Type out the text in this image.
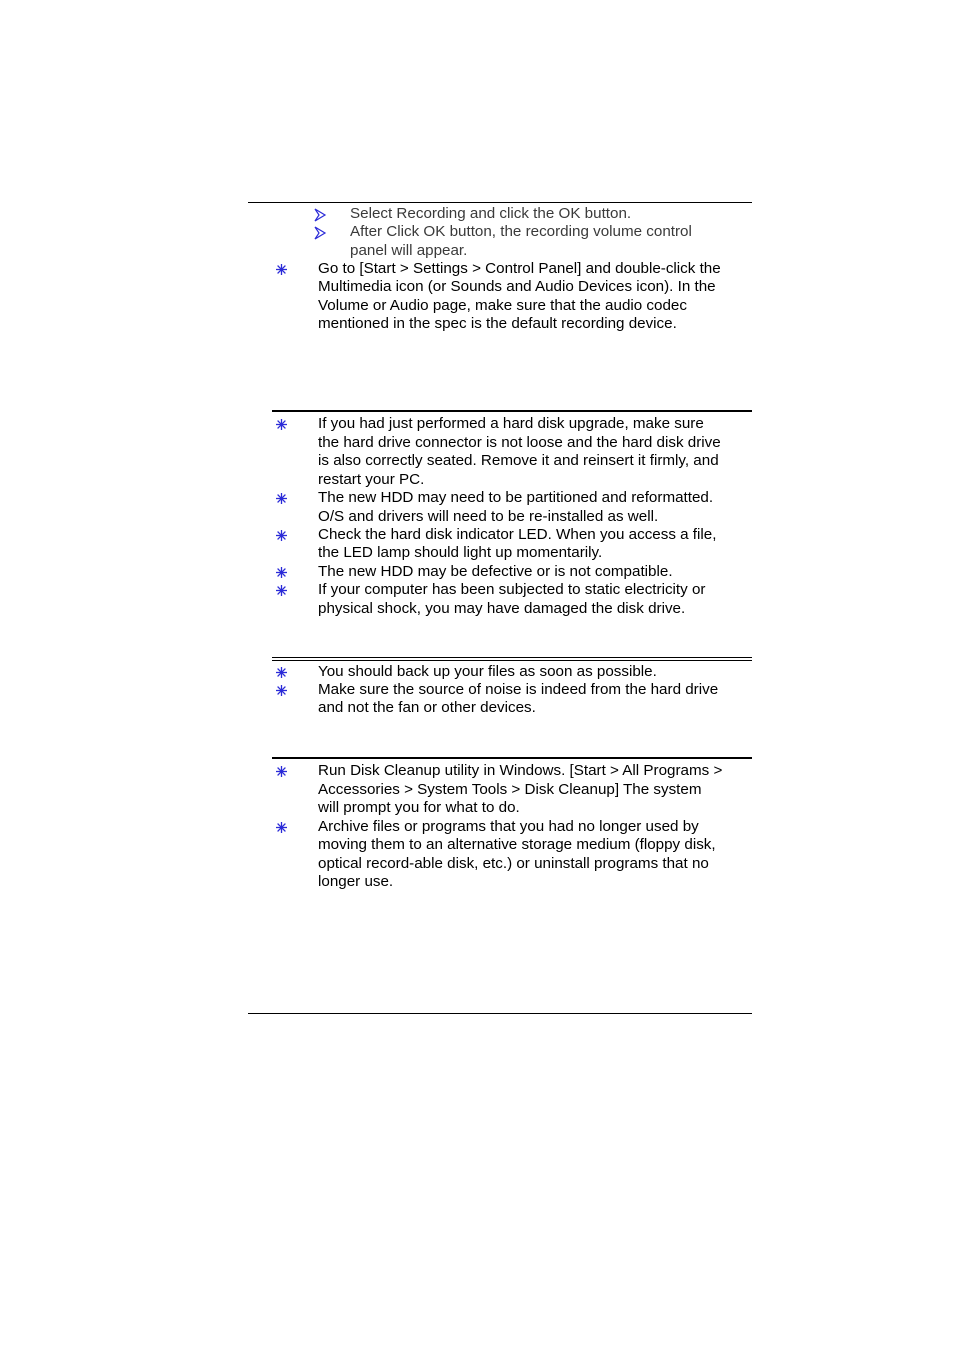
Select Recording and click the OK button.
After Click OK button, the recording volume control
panel will appear.
Go to [Start > Settings > Control Panel] and double-click the
Multimedia icon (or Sounds and Audio Devices icon). In the
Volume or Audio page, make sure that the audio codec
mentioned in the spec is the default recording device.
If you had just performed a hard disk upgrade, make sure
the hard drive connector is not loose and the hard disk drive
is also correctly seated. Remove it and reinsert it firmly, and
restart your PC.
The new HDD may need to be partitioned and reformatted.
O/S and drivers will need to be re-installed as well.
Check the hard disk indicator LED. When you access a file,
the LED lamp should light up momentarily.
The new HDD may be defective or is not compatible.
If your computer has been subjected to static electricity or
physical shock, you may have damaged the disk drive.
You should back up your files as soon as possible.
Make sure the source of noise is indeed from the hard drive
and not the fan or other devices.
Run Disk Cleanup utility in Windows. [Start > All Programs >
Accessories > System Tools > Disk Cleanup] The system
will prompt you for what to do.
Archive files or programs that you had no longer used by
moving them to an alternative storage medium (floppy disk,
optical record-able disk, etc.) or uninstall programs that no
longer use.
